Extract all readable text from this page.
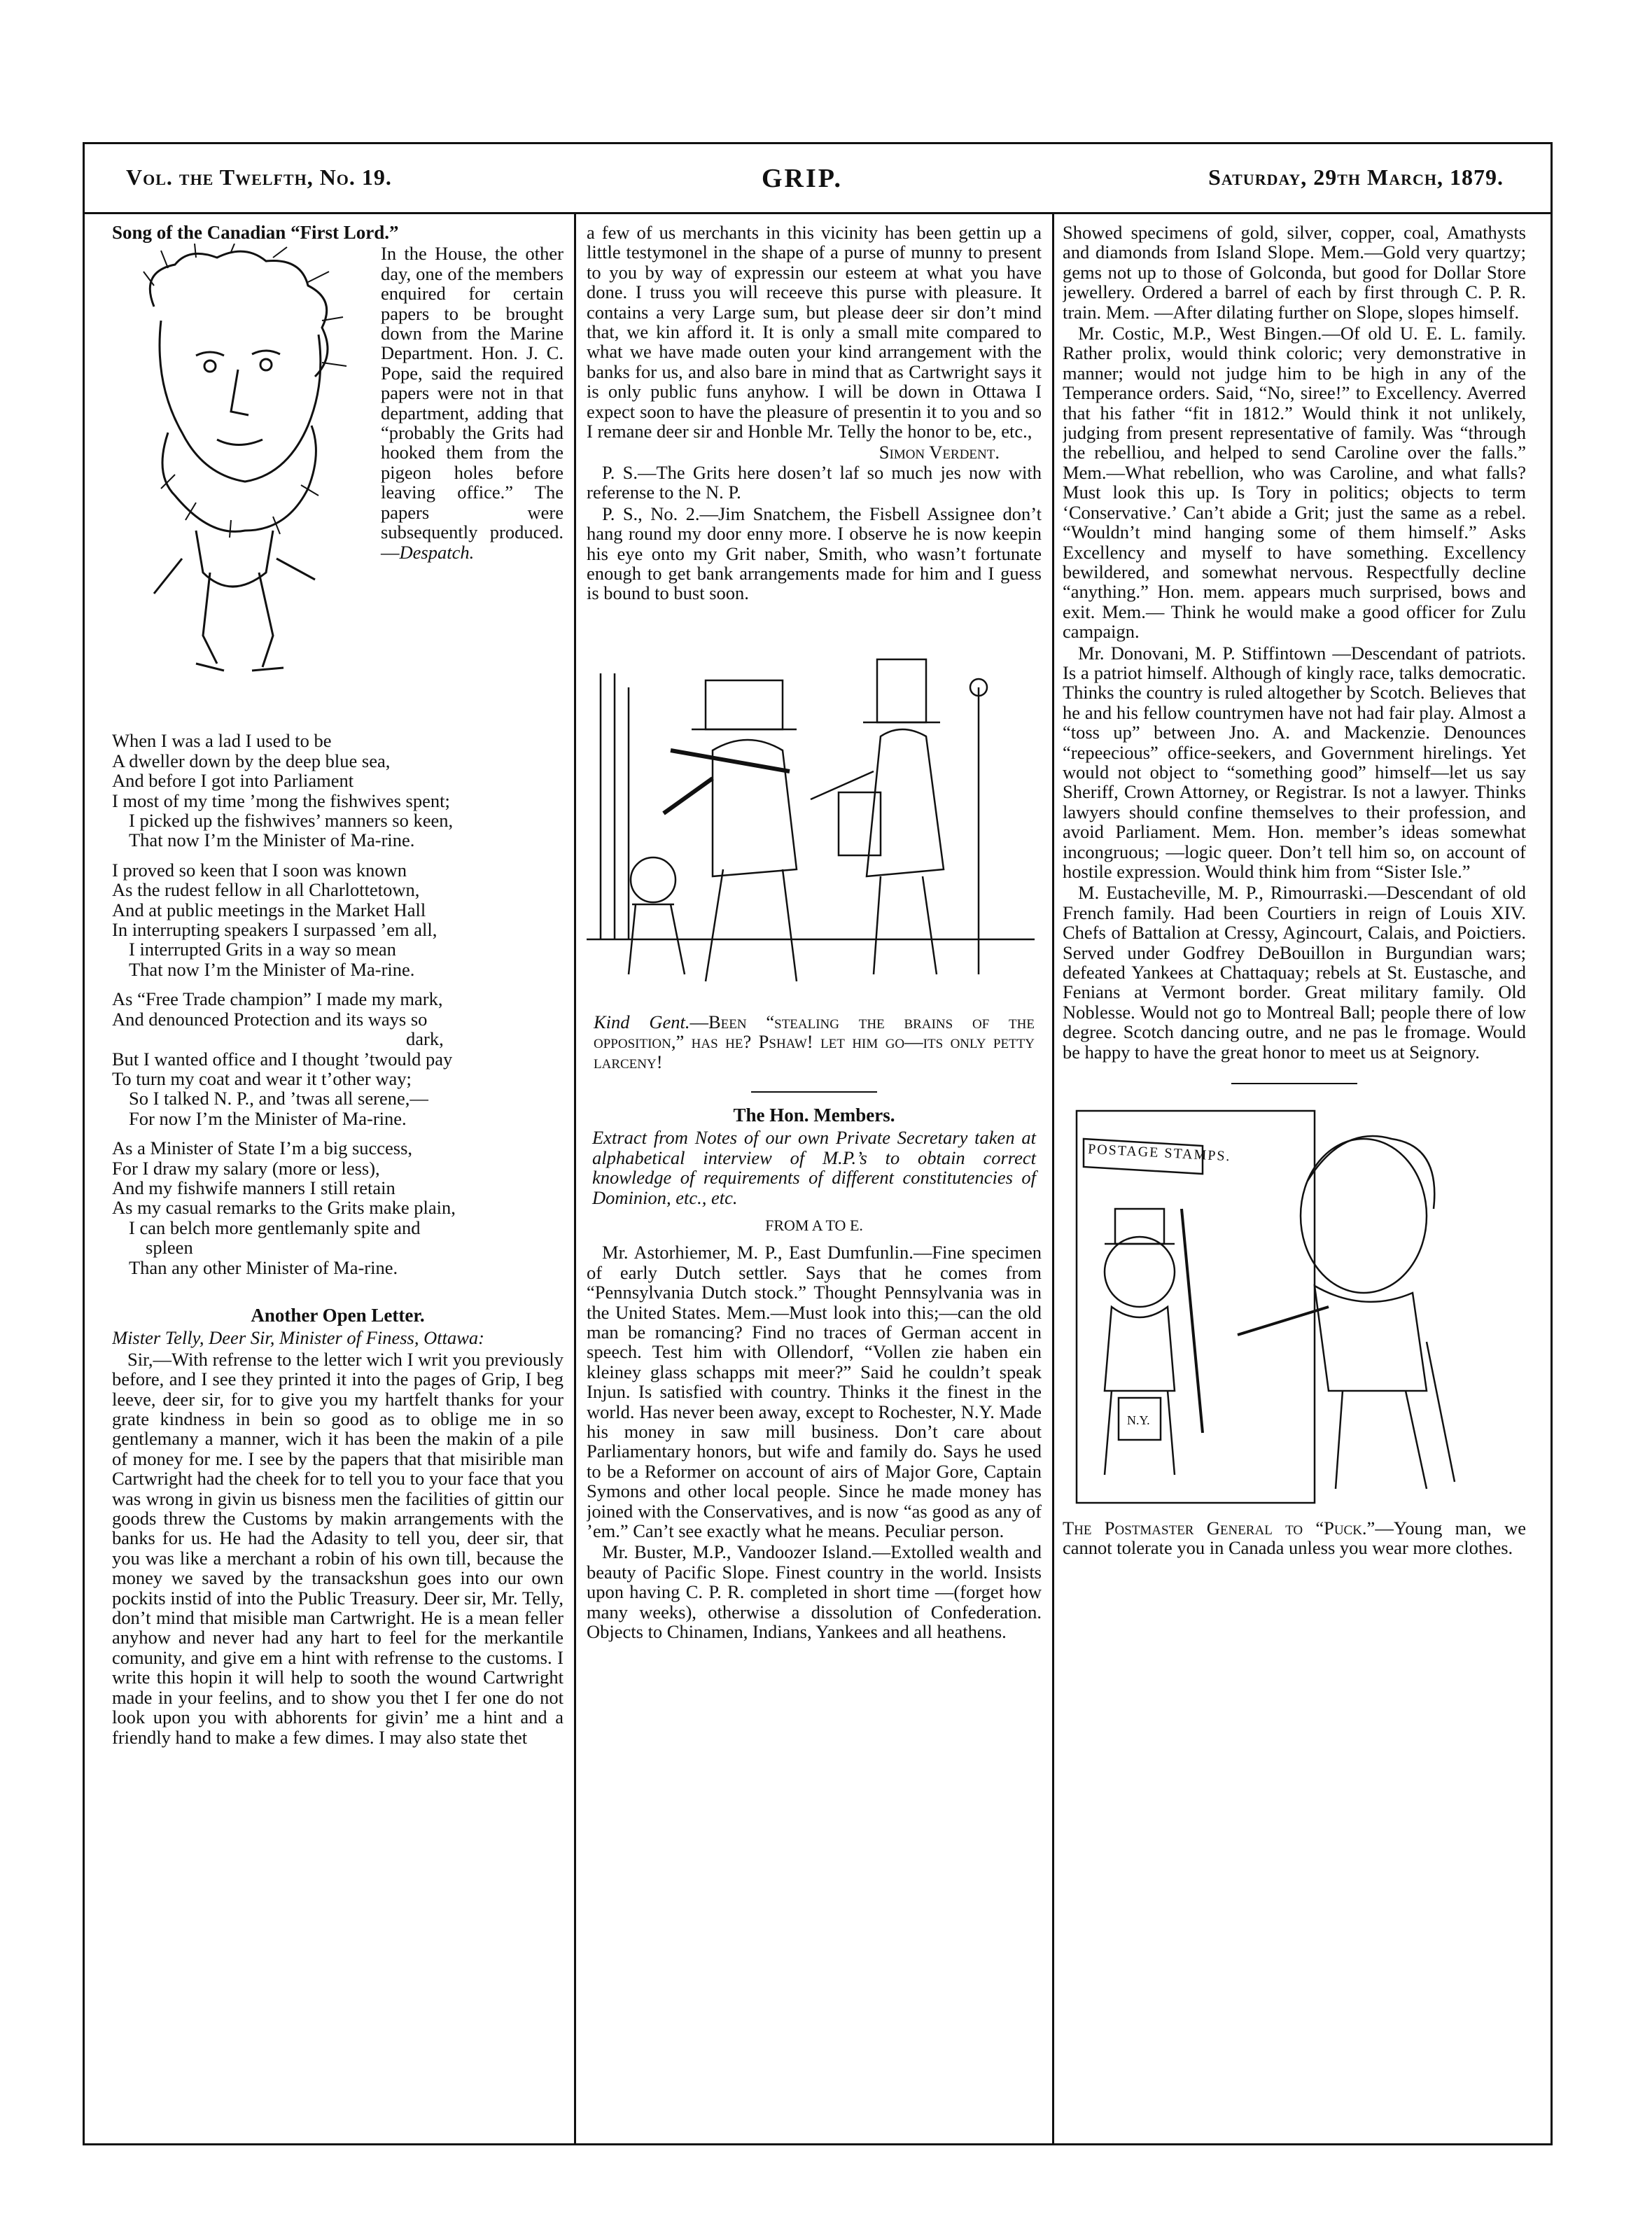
Vol. the Twelfth, No. 19.	GRIP.	Saturday, 29th March, 1879.
Song of the Canadian “First Lord.”

In the House, the other day, one of the members enquired for certain papers to be brought down from the Marine Department. Hon. J. C. Pope, said the required papers were not in that department, adding that “probably the Grits had hooked them from the pigeon holes before leaving office.” The papers were subsequently produced.—Despatch.

When I was a lad I used to be
A dweller down by the deep blue sea,
And before I got into Parliament
I most of my time ’mong the fishwives spent;
I picked up the fishwives’ manners so keen,
That now I’m the Minister of Ma-rine.
I proved so keen that I soon was known
As the rudest fellow in all Charlottetown,
And at public meetings in the Market Hall
In interrupting speakers I surpassed ’em all,
I interrupted Grits in a way so mean
That now I’m the Minister of Ma-rine.
As “Free Trade champion” I made my mark,
And denounced Protection and its ways so
dark,
But I wanted office and I thought ’twould pay
To turn my coat and wear it t’other way;
So I talked N. P., and ’twas all serene,—
For now I’m the Minister of Ma-rine.
As a Minister of State I’m a big success,
For I draw my salary (more or less),
And my fishwife manners I still retain
As my casual remarks to the Grits make plain,
I can belch more gentlemanly spite and
spleen
Than any other Minister of Ma-rine.
Another Open Letter.

Mister Telly, Deer Sir, Minister of Finess, Ottawa:

Sir,—With refrense to the letter wich I writ you previously before, and I see they printed it into the pages of Grip, I beg leeve, deer sir, for to give you my hartfelt thanks for your grate kindness in bein so good as to oblige me in so gentlemany a manner, wich it has been the makin of a pile of money for me. I see by the papers that that misirible man Cartwright had the cheek for to tell you to your face that you was wrong in givin us bisness men the facilities of gittin our goods threw the Customs by makin arrangements with the banks for us. He had the Adasity to tell you, deer sir, that you was like a merchant a robin of his own till, because the money we saved by the transackshun goes into our own pockits instid of into the Public Treasury. Deer sir, Mr. Telly, don’t mind that misible man Cartwright. He is a mean feller anyhow and never had any hart to feel for the merkantile comunity, and give em a hint with refrense to the customs. I write this hopin it will help to sooth the wound Cartwright made in your feelins, and to show you thet I fer one do not look upon you with abhorents for givin’ me a hint and a friendly hand to make a few dimes. I may also state thet

a few of us merchants in this vicinity has been gettin up a little testymonel in the shape of a purse of munny to present to you by way of expressin our esteem at what you have done. I truss you will receeve this purse with pleasure. It contains a very Large sum, but please deer sir don’t mind that, we kin afford it. It is only a small mite compared to what we have made outen your kind arrangement with the banks for us, and also bare in mind that as Cartwright says it is only public funs anyhow. I will be down in Ottawa I expect soon to have the pleasure of presentin it to you and so I remane deer sir and Honble Mr. Telly the honor to be, etc.,

Simon Verdent.

P. S.—The Grits here dosen’t laf so much jes now with referense to the N. P.

P. S., No. 2.—Jim Snatchem, the Fisbell Assignee don’t hang round my door enny more. I observe he is now keepin his eye onto my Grit naber, Smith, who wasn’t fortunate enough to get bank arrangements made for him and I guess is bound to bust soon.

Kind Gent.—Been “stealing the brains of the opposition,” has he? Pshaw! let him go—its only petty larceny!

The Hon. Members.

Extract from Notes of our own Private Secretary taken at alphabetical interview of M.P.’s to obtain correct knowledge of requirements of different constitutencies of Dominion, etc., etc.

FROM A TO E.

Mr. Astorhiemer, M. P., East Dumfunlin.—Fine specimen of early Dutch settler. Says that he comes from “Pennsylvania Dutch stock.” Thought Pennsylvania was in the United States. Mem.—Must look into this;—can the old man be romancing? Find no traces of German accent in speech. Test him with Ollendorf, “Vollen zie haben ein kleiney glass schapps mit meer?” Said he couldn’t speak Injun. Is satisfied with country. Thinks it the finest in the world. Has never been away, except to Rochester, N.Y. Made his money in saw mill business. Don’t care about Parliamentary honors, but wife and family do. Says he used to be a Reformer on account of airs of Major Gore, Captain Symons and other local people. Since he made money has joined with the Conservatives, and is now “as good as any of ’em.” Can’t see exactly what he means. Peculiar person.

Mr. Buster, M.P., Vandoozer Island.—Extolled wealth and beauty of Pacific Slope. Finest country in the world. Insists upon having C. P. R. completed in short time —(forget how many weeks), otherwise a dissolution of Confederation. Objects to Chinamen, Indians, Yankees and all heathens.

Showed specimens of gold, silver, copper, coal, Amathysts and diamonds from Island Slope. Mem.—Gold very quartzy; gems not up to those of Golconda, but good for Dollar Store jewellery. Ordered a barrel of each by first through C. P. R. train. Mem. —After dilating further on Slope, slopes himself.

Mr. Costic, M.P., West Bingen.—Of old U. E. L. family. Rather prolix, would think coloric; very demonstrative in manner; would not judge him to be high in any of the Temperance orders. Said, “No, siree!” to Excellency. Averred that his father “fit in 1812.” Would think it not unlikely, judging from present representative of family. Was “through the rebelliou, and helped to send Caroline over the falls.” Mem.—What rebellion, who was Caroline, and what falls? Must look this up. Is Tory in politics; objects to term ‘Conservative.’ Can’t abide a Grit; just the same as a rebel. “Wouldn’t mind hanging some of them himself.” Asks Excellency and myself to have something. Excellency bewildered, and somewhat nervous. Respectfully decline “anything.” Hon. mem. appears much surprised, bows and exit. Mem.— Think he would make a good officer for Zulu campaign.

Mr. Donovani, M. P. Stiffintown —Descendant of patriots. Is a patriot himself. Although of kingly race, talks democratic. Thinks the country is ruled altogether by Scotch. Believes that he and his fellow countrymen have not had fair play. Almost a “toss up” between Jno. A. and Mackenzie. Denounces “repeecious” office-seekers, and Government hirelings. Yet would not object to “something good” himself—let us say Sheriff, Crown Attorney, or Registrar. Is not a lawyer. Thinks lawyers should confine themselves to their profession, and avoid Parliament. Mem. Hon. member’s ideas somewhat incongruous; —logic queer. Don’t tell him so, on account of hostile expression. Would think him from “Sister Isle.”

M. Eustacheville, M. P., Rimourraski.—Descendant of old French family. Had been Courtiers in reign of Louis XIV. Chefs of Battalion at Cressy, Agincourt, Calais, and Poictiers. Served under Godfrey DeBouillon in Burgundian wars; defeated Yankees at Chattaquay; rebels at St. Eustasche, and Fenians at Vermont border. Great military family. Old Noblesse. Would not go to Montreal Ball; people there of low degree. Scotch dancing outre, and ne pas le fromage. Would be happy to have the great honor to meet us at Seignory.

POSTAGE STAMPS.
N.Y.

The Postmaster General to “Puck.”—Young man, we cannot tolerate you in Canada unless you wear more clothes.
